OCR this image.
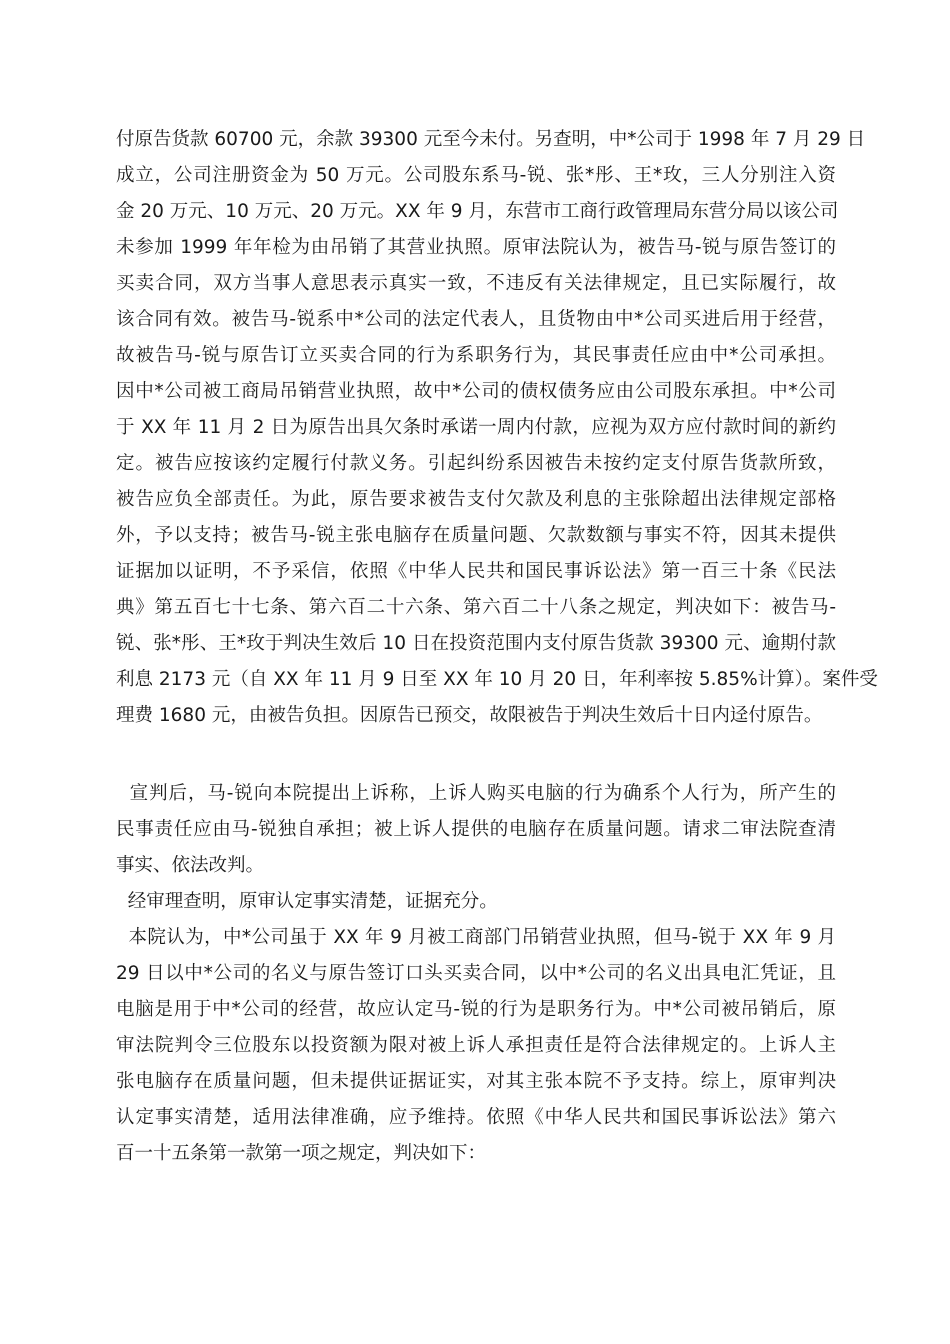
付原告货款 60700 元，余款 39300 元至今未付。另查明，中*公司于 1998 年 7 月 29 日
成立，公司注册资金为 50 万元。公司股东系马-锐、张*彤、王*玫，三人分别注入资
金 20 万元、10 万元、20 万元。XX 年 9 月，东营市工商行政管理局东营分局以该公司
未参加 1999 年年检为由吊销了其营业执照。原审法院认为，被告马-锐与原告签订的
买卖合同，双方当事人意思表示真实一致，不违反有关法律规定，且已实际履行，故
该合同有效。被告马-锐系中*公司的法定代表人，且货物由中*公司买进后用于经营，
故被告马-锐与原告订立买卖合同的行为系职务行为，其民事责任应由中*公司承担。
因中*公司被工商局吊销营业执照，故中*公司的债权债务应由公司股东承担。中*公司
于 XX 年 11 月 2 日为原告出具欠条时承诺一周内付款，应视为双方应付款时间的新约
定。被告应按该约定履行付款义务。引起纠纷系因被告未按约定支付原告货款所致，
被告应负全部责任。为此，原告要求被告支付欠款及利息的主张除超出法律规定部格
外，予以支持；被告马-锐主张电脑存在质量问题、欠款数额与事实不符，因其未提供
证据加以证明，不予采信，依照《中华人民共和国民事诉讼法》第一百三十条《民法
典》第五百七十七条、第六百二十六条、第六百二十八条之规定，判决如下：被告马-
锐、张*彤、王*玫于判决生效后 10 日在投资范围内支付原告货款 39300 元、逾期付款
利息 2173 元（自 XX 年 11 月 9 日至 XX 年 10 月 20 日，年利率按 5.85%计算）。案件受
理费 1680 元，由被告负担。因原告已预交，故限被告于判决生效后十日内迳付原告。
宣判后，马-锐向本院提出上诉称，上诉人购买电脑的行为确系个人行为，所产生的
民事责任应由马-锐独自承担；被上诉人提供的电脑存在质量问题。请求二审法院查清
事实、依法改判。
经审理查明，原审认定事实清楚，证据充分。
本院认为，中*公司虽于 XX 年 9 月被工商部门吊销营业执照，但马-锐于 XX 年 9 月
29 日以中*公司的名义与原告签订口头买卖合同，以中*公司的名义出具电汇凭证，且
电脑是用于中*公司的经营，故应认定马-锐的行为是职务行为。中*公司被吊销后，原
审法院判令三位股东以投资额为限对被上诉人承担责任是符合法律规定的。上诉人主
张电脑存在质量问题，但未提供证据证实，对其主张本院不予支持。综上，原审判决
认定事实清楚，适用法律准确，应予维持。依照《中华人民共和国民事诉讼法》第六
百一十五条第一款第一项之规定，判决如下：
